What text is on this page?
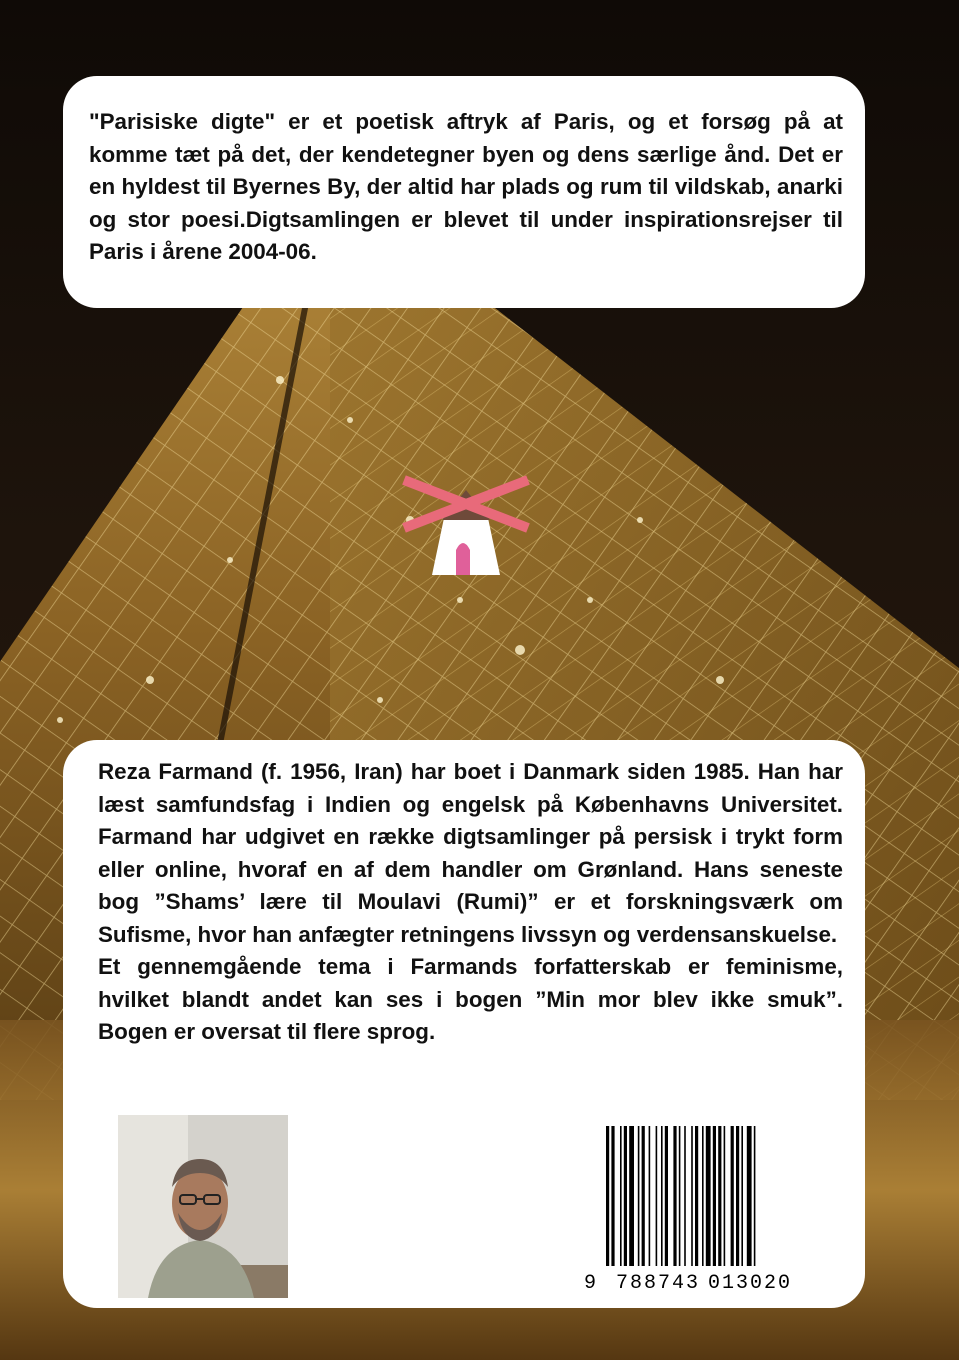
"Parisiske digte" er et poetisk aftryk af Paris, og et forsøg på at komme tæt på det, der kendetegner byen og dens særlige ånd. Det er en hyldest til Byernes By, der altid har plads og rum til vildskab, anarki og stor poesi.Digtsamlingen er blevet til under inspirationsrejser til Paris i årene 2004-06.

Reza Farmand (f. 1956, Iran) har boet i Danmark siden 1985. Han har læst samfundsfag i Indien og engelsk på Københavns Universitet. Farmand har udgivet en række digtsamlinger på persisk i trykt form eller online, hvoraf en af dem handler om Grønland. Hans seneste bog ”Shams’ lære til Moulavi (Rumi)” er et forskningsværk om Sufisme, hvor han anfægter retningens livssyn og verdensanskuelse.
Et gennemgående tema i Farmands forfatterskab er feminisme, hvilket blandt andet kan ses i bogen ”Min mor blev ikke smuk”. Bogen er oversat til flere sprog.

9 788743 013020
